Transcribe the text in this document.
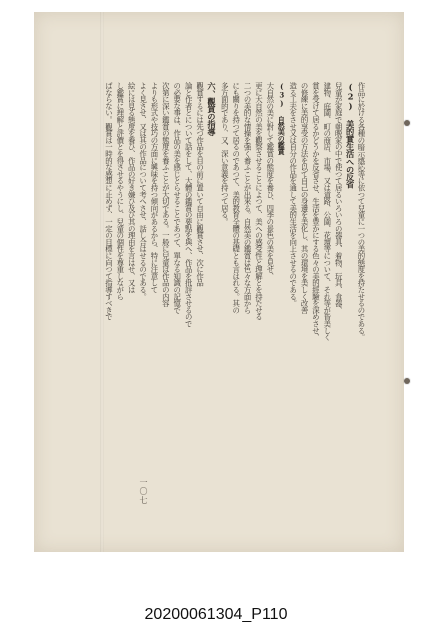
作品に於ける各種の暗示感応等に依つて兒童に一つの美的態度を持たせるのである。
(2) 美的實生活への反省
兒童が家庭で朝晩家の中で使つて居るいろいろの器具、着物、玩具、食器、
建物、庭園、町の商店、市場、又は道路、公園、花壇等について、それ等が皆美しく
賞を受けて居るかどうかを反省させ、生活を豊かにする色々の美的經驗を深めさせ、
の修練に美的享受の方法を以て自己の身邊を美化し、其の環境を美しく改善
造る工夫をさせ又は自分の作品を通して美的生活を向上させるのである。
(3) 自然美の鑑賞
大自然の美に對して鑑賞の態度を養ひ、四季の景色の美を見せ、
更に大自然の美を觀察させることによつて、美への感受性と理解とを持たせる
二つの美的な情操を强く養ふことが出來る。自然美の鑑賞は色々な方面から
にも關りを持つて居るのであつて、美的教育全體の基礎とも言はれる。其の
多方面的であり、又、深い意義を持つて居る。
六、觀賞の指導
觀賞するには先づ作品を目の前に置いて自由に觀賞させ、次に作品
論と作者とについて話をして、大體の鑑賞の要點を與へ、作品を批評させるので
の必要な事は、作品の美を感じとらせることであつて、單なる知識の記憶で
次第に深い鑑賞の態度を養ふことが大切である。一般に兒童は作品の内容
よりも形式や技巧の方面に興味を持つ傾向があるから、特に注意して
よく見させ、又は其の作品について考へさせ、話し合はせるのである。
絵には見る態度を養ひ、作品の好き嫌ひ及び其の理由を言はせ、又は
し鑑賞に理解と評價とを得させるやうにし、兒童の個性を尊重しながら
ばならない。觀賞は一時的な感想に止めず、一定の目標に向つて指導すべきで
一〇七
20200061304_P110
